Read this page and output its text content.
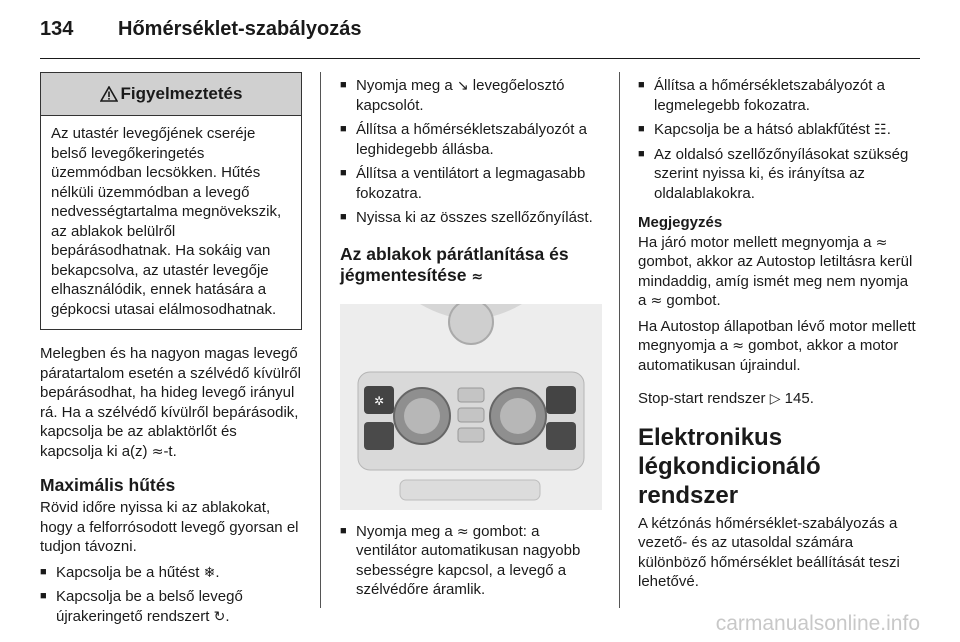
134 Hőmérséklet-szabályozás
Figyelmeztetés
Az utastér levegőjének cseréje belső levegőkeringetés üzemmódban lecsökken. Hűtés nélküli üzemmódban a levegő nedvességtartalma megnövekszik, az ablakok belülről bepárásodhatnak. Ha sokáig van bekapcsolva, az utastér levegője elhasználódik, ennek hatására a gépkocsi utasai elálmosodhatnak.

Melegben és ha nagyon magas levegő páratartalom esetén a szélvédő kívülről bepárásodhat, ha hideg levegő irányul rá. Ha a szélvédő kívülről bepárásodik, kapcsolja be az ablaktörlőt és kapcsolja ki a(z) ≈-t.

Maximális hűtés

Rövid időre nyissa ki az ablakokat, hogy a felforrósodott levegő gyorsan el tudjon távozni.

■ Kapcsolja be a hűtést ❄.
■ Kapcsolja be a belső levegő újrakeringető rendszert ↻.
■ Nyomja meg a ↘ levegőelosztó kapcsolót.
■ Állítsa a hőmérsékletszabályozót a leghidegebb állásba.
■ Állítsa a ventilátort a legmagasabb fokozatra.
■ Nyissa ki az összes szellőzőnyílást.
Az ablakok párátlanítása és jégmentesítése ≈
✲
■ Nyomja meg a ≈ gombot: a ventilátor automatikusan nagyobb sebességre kapcsol, a levegő a szélvédőre áramlik.
■ Állítsa a hőmérsékletszabályozót a legmelegebb fokozatra.
■ Kapcsolja be a hátsó ablakfűtést ☷.
■ Az oldalsó szellőzőnyílásokat szükség szerint nyissa ki, és irányítsa az oldalablakokra.

Megjegyzés

Ha járó motor mellett megnyomja a ≈ gombot, akkor az Autostop letiltásra kerül mindaddig, amíg ismét meg nem nyomja a ≈ gombot.

Ha Autostop állapotban lévő motor mellett megnyomja a ≈ gombot, akkor a motor automatikusan újraindul.

Stop-start rendszer ▷ 145.

Elektronikus légkondicionáló rendszer

A kétzónás hőmérséklet-szabályozás a vezető- és az utasoldal számára különböző hőmérséklet beállítását teszi lehetővé.

carmanualsonline.info
